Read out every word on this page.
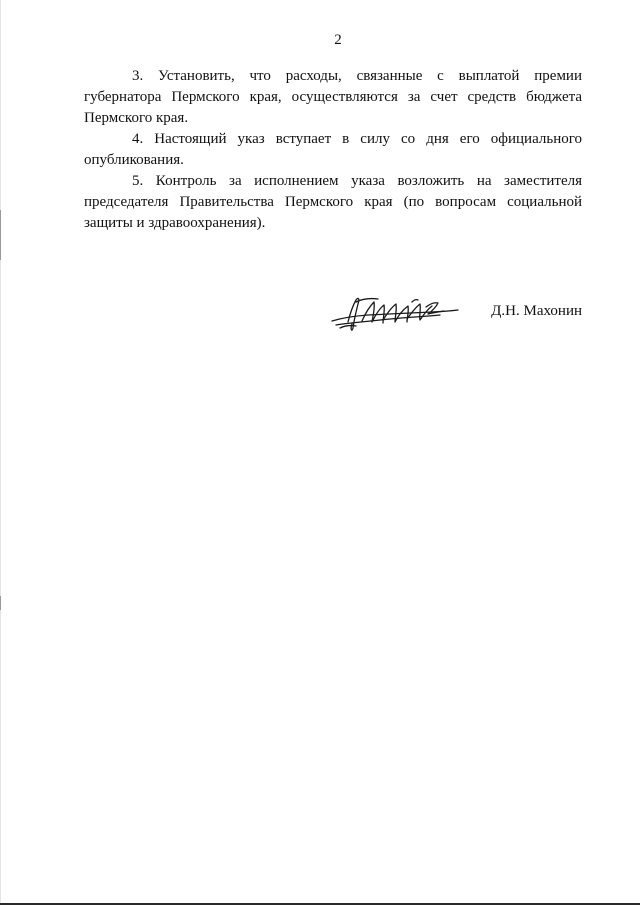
2

3. Установить, что расходы, связанные с выплатой премии губернатора Пермского края, осуществляются за счет средств бюджета Пермского края.

4. Настоящий указ вступает в силу со дня его официального опубликования.

5. Контроль за исполнением указа возложить на заместителя председателя Правительства Пермского края (по вопросам социальной защиты и здравоохранения).

Д.Н. Махонин
